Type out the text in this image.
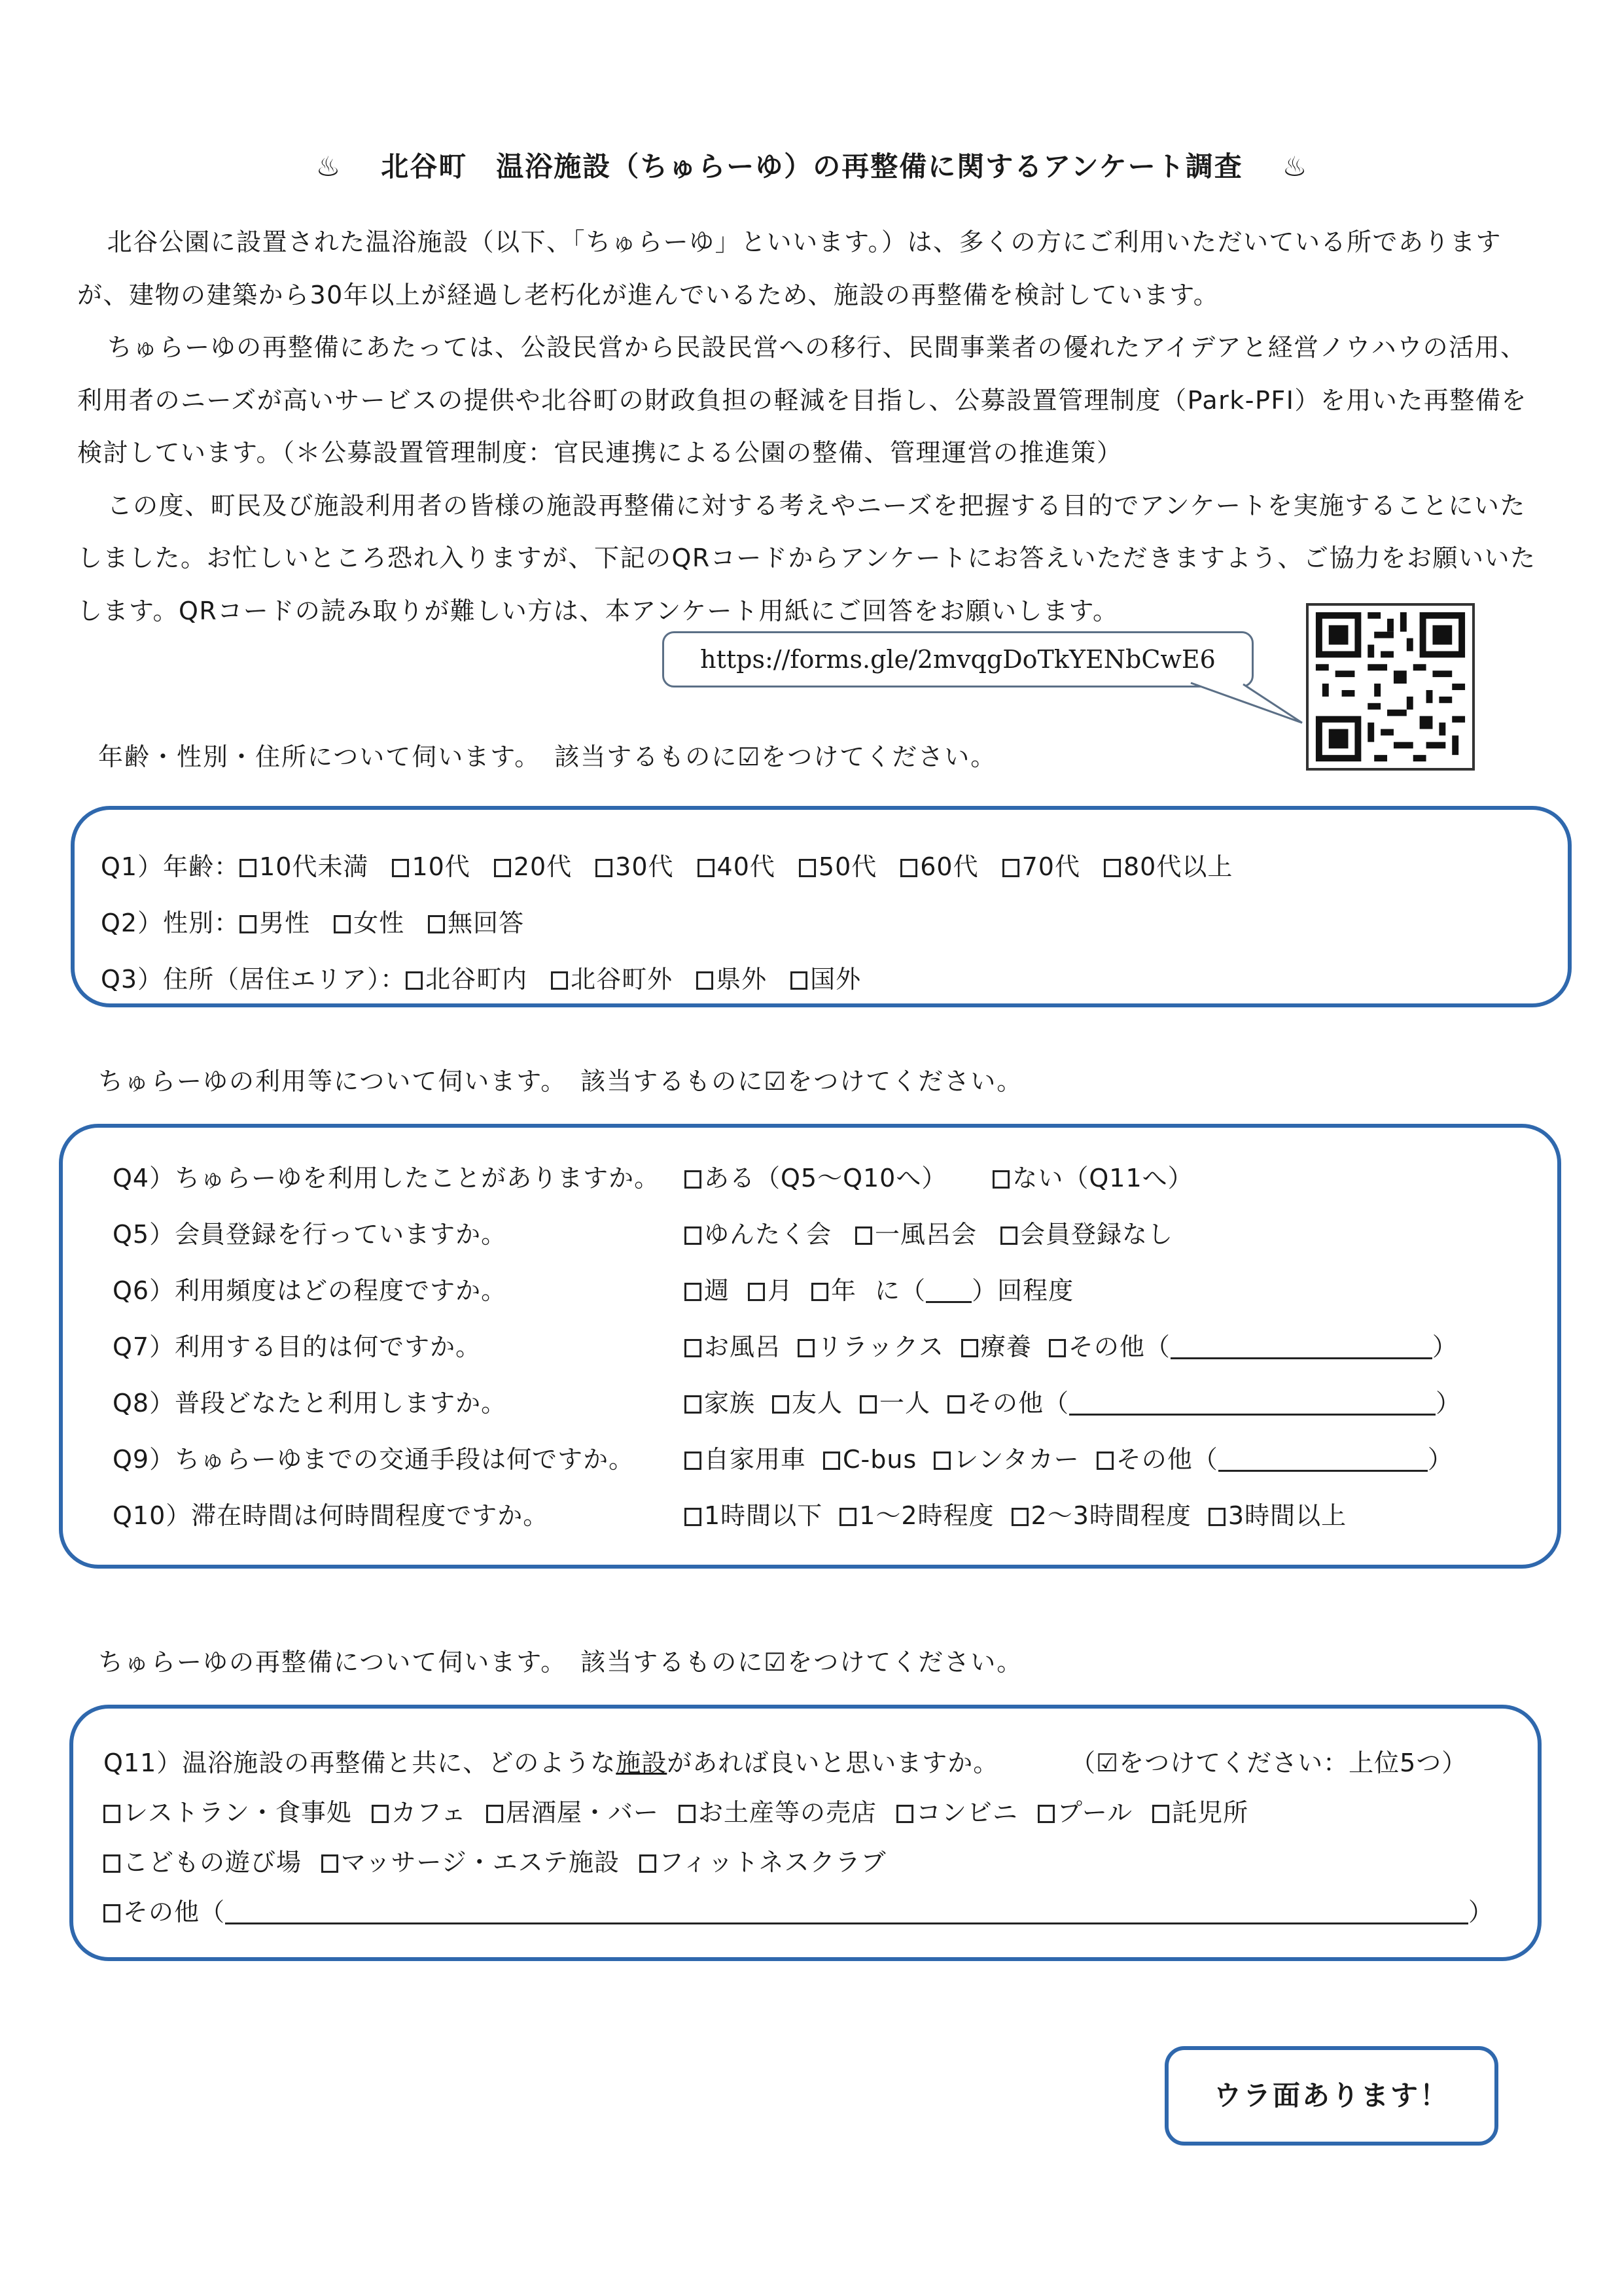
♨ 北谷町　温浴施設（ちゅらーゆ）の再整備に関するアンケート調査 ♨

北谷公園に設置された温浴施設（以下、「ちゅらーゆ」といいます。）は、多くの方にご利用いただいている所でありますが、建物の建築から30年以上が経過し老朽化が進んでいるため、施設の再整備を検討しています。

ちゅらーゆの再整備にあたっては、公設民営から民設民営への移行、民間事業者の優れたアイデアと経営ノウハウの活用、利用者のニーズが高いサービスの提供や北谷町の財政負担の軽減を目指し、公募設置管理制度（Park-PFI）を用いた再整備を検討しています。（＊公募設置管理制度：官民連携による公園の整備、管理運営の推進策）

この度、町民及び施設利用者の皆様の施設再整備に対する考えやニーズを把握する目的でアンケートを実施することにいたしました。お忙しいところ恐れ入りますが、下記のQRコードからアンケートにお答えいただきますよう、ご協力をお願いいたします。QRコードの読み取りが難しい方は、本アンケート用紙にご回答をお願いします。

https://forms.gle/2mvqgDoTkYENbCwE6
年齢・性別・住所について伺います。　該当するものに☑をつけてください。
Q1）年齢： 10代未満 10代 20代 30代 40代 50代 60代 70代 80代以上
Q2）性別： 男性 女性 無回答
Q3）住所（居住エリア）： 北谷町内 北谷町外 県外 国外
ちゅらーゆの利用等について伺います。　該当するものに☑をつけてください。
Q4）ちゅらーゆを利用したことがありますか。	ある（Q5～Q10へ）	ない（Q11へ）
Q5）会員登録を行っていますか。	ゆんたく会 一風呂会 会員登録なし
Q6）利用頻度はどの程度ですか。	週 月 年 に（ ）回程度
Q7）利用する目的は何ですか。	お風呂 リラックス 療養 その他（	）
Q8）普段どなたと利用しますか。	家族 友人 一人 その他（	）
Q9）ちゅらーゆまでの交通手段は何ですか。	自家用車 C-bus レンタカー その他（	）
Q10）滞在時間は何時間程度ですか。	1時間以下 1～2時程度 2～3時間程度 3時間以上
ちゅらーゆの再整備について伺います。　該当するものに☑をつけてください。
Q11）温浴施設の再整備と共に、どのような施設があれば良いと思いますか。	（☑をつけてください：上位5つ）
レストラン・食事処 カフェ 居酒屋・バー お土産等の売店 コンビニ プール 託児所
こどもの遊び場 マッサージ・エステ施設 フィットネスクラブ
その他（	）
ウラ面あります！
